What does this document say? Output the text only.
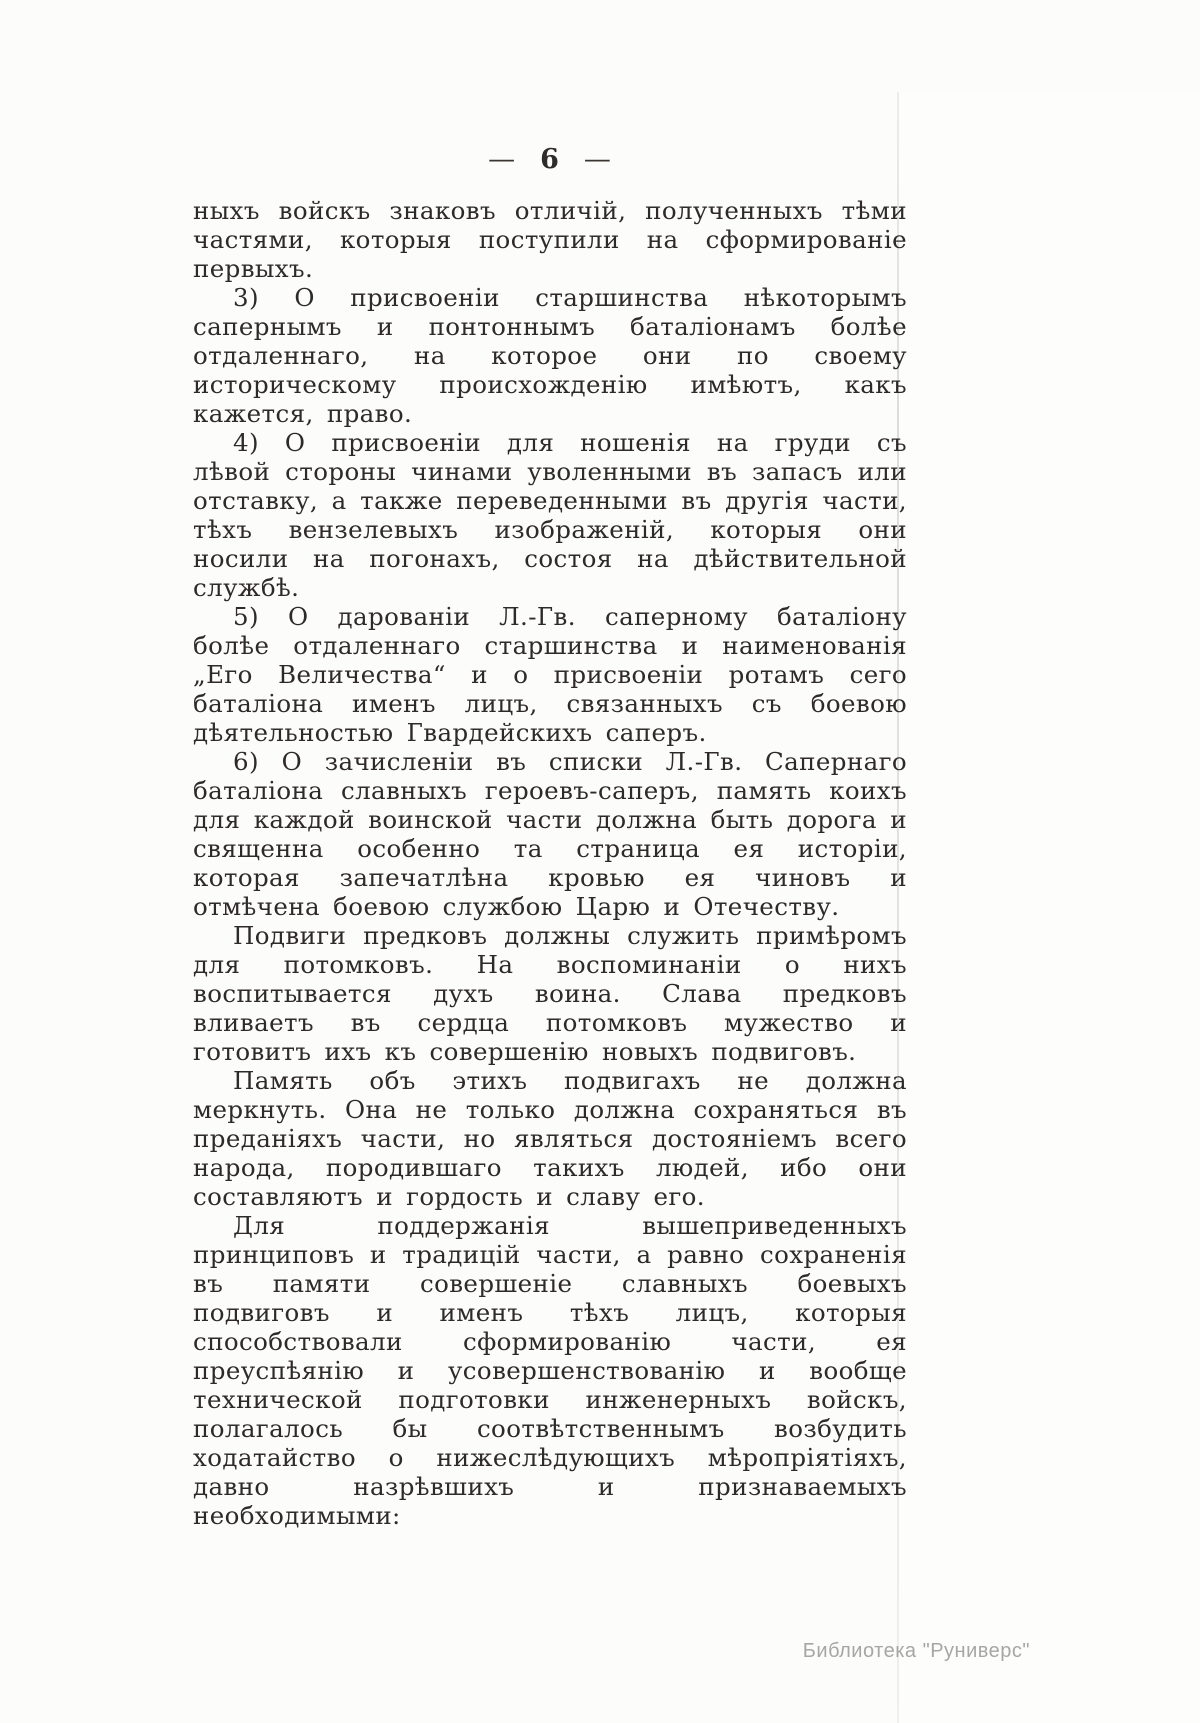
— 6 —

ныхъ войскъ знаковъ отличій, полученныхъ тѣми частями, которыя поступили на сформированіе первыхъ.

3) О присвоеніи старшинства нѣкоторымъ сапернымъ и понтоннымъ баталіонамъ болѣе отдаленнаго, на которое они по своему историческому происхожденію имѣютъ, какъ кажется, право.

4) О присвоеніи для ношенія на груди съ лѣвой стороны чинами уволенными въ запасъ или отставку, а также переведенными въ другія части, тѣхъ вензелевыхъ изображеній, которыя они носили на погонахъ, состоя на дѣйствительной службѣ.

5) О дарованіи Л.-Гв. саперному баталіону болѣе отдаленнаго старшинства и наименованія „Его Величества“ и о присвоеніи ротамъ сего баталіона именъ лицъ, связанныхъ съ боевою дѣятельностью Гвардейскихъ саперъ.

6) О зачисленіи въ списки Л.-Гв. Сапернаго баталіона славныхъ героевъ-саперъ, память коихъ для каждой воинской части должна быть дорога и священна особенно та страница ея исторіи, которая запечатлѣна кровью ея чиновъ и отмѣчена боевою службою Царю и Отечеству.

Подвиги предковъ должны служить примѣромъ для потомковъ. На воспоминаніи о нихъ воспитывается духъ воина. Слава предковъ вливаетъ въ сердца потомковъ мужество и готовитъ ихъ къ совершенію новыхъ подвиговъ.

Память объ этихъ подвигахъ не должна меркнуть. Она не только должна сохраняться въ преданіяхъ части, но являться достояніемъ всего народа, породившаго такихъ людей, ибо они составляютъ и гордость и славу его.

Для поддержанія вышеприведенныхъ принциповъ и традицій части, а равно сохраненія въ памяти совершеніе славныхъ боевыхъ подвиговъ и именъ тѣхъ лицъ, которыя способствовали сформированію части, ея преуспѣянію и усовершенствованію и вообще технической подготовки инженерныхъ войскъ, полагалось бы соотвѣтственнымъ возбудить ходатайство о нижеслѣдующихъ мѣропріятіяхъ, давно назрѣвшихъ и признаваемыхъ необходимыми:

Библиотека "Руниверс"
